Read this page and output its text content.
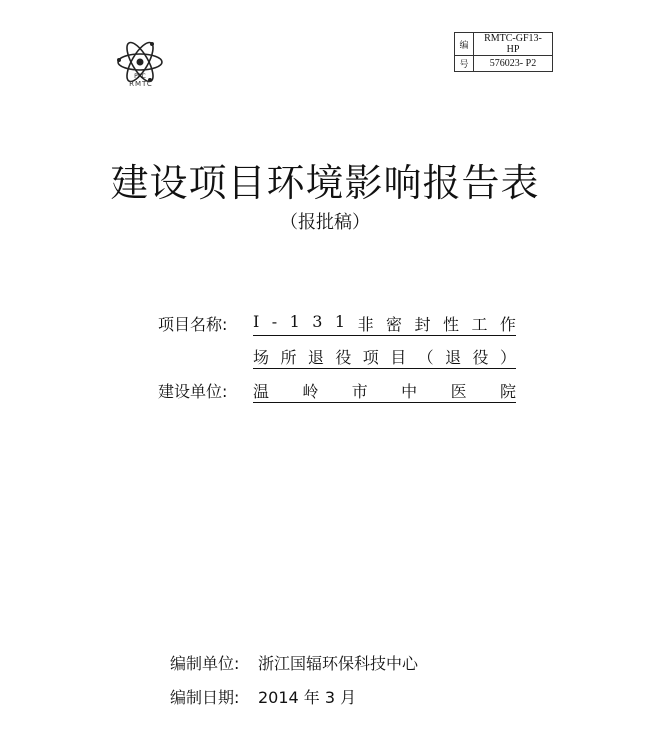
PRC
RMTC
编	RMTC-GF13-HP
号	576023- P2
建设项目环境影响报告表
（报批稿）
项目名称: I - 1 3 1 非 密 封 性 工 作
场 所 退 役 项 目 （ 退 役 ）
建设单位: 温 岭 市 中 医 院
编制单位: 浙江国辐环保科技中心
编制日期: 2014 年 3 月
